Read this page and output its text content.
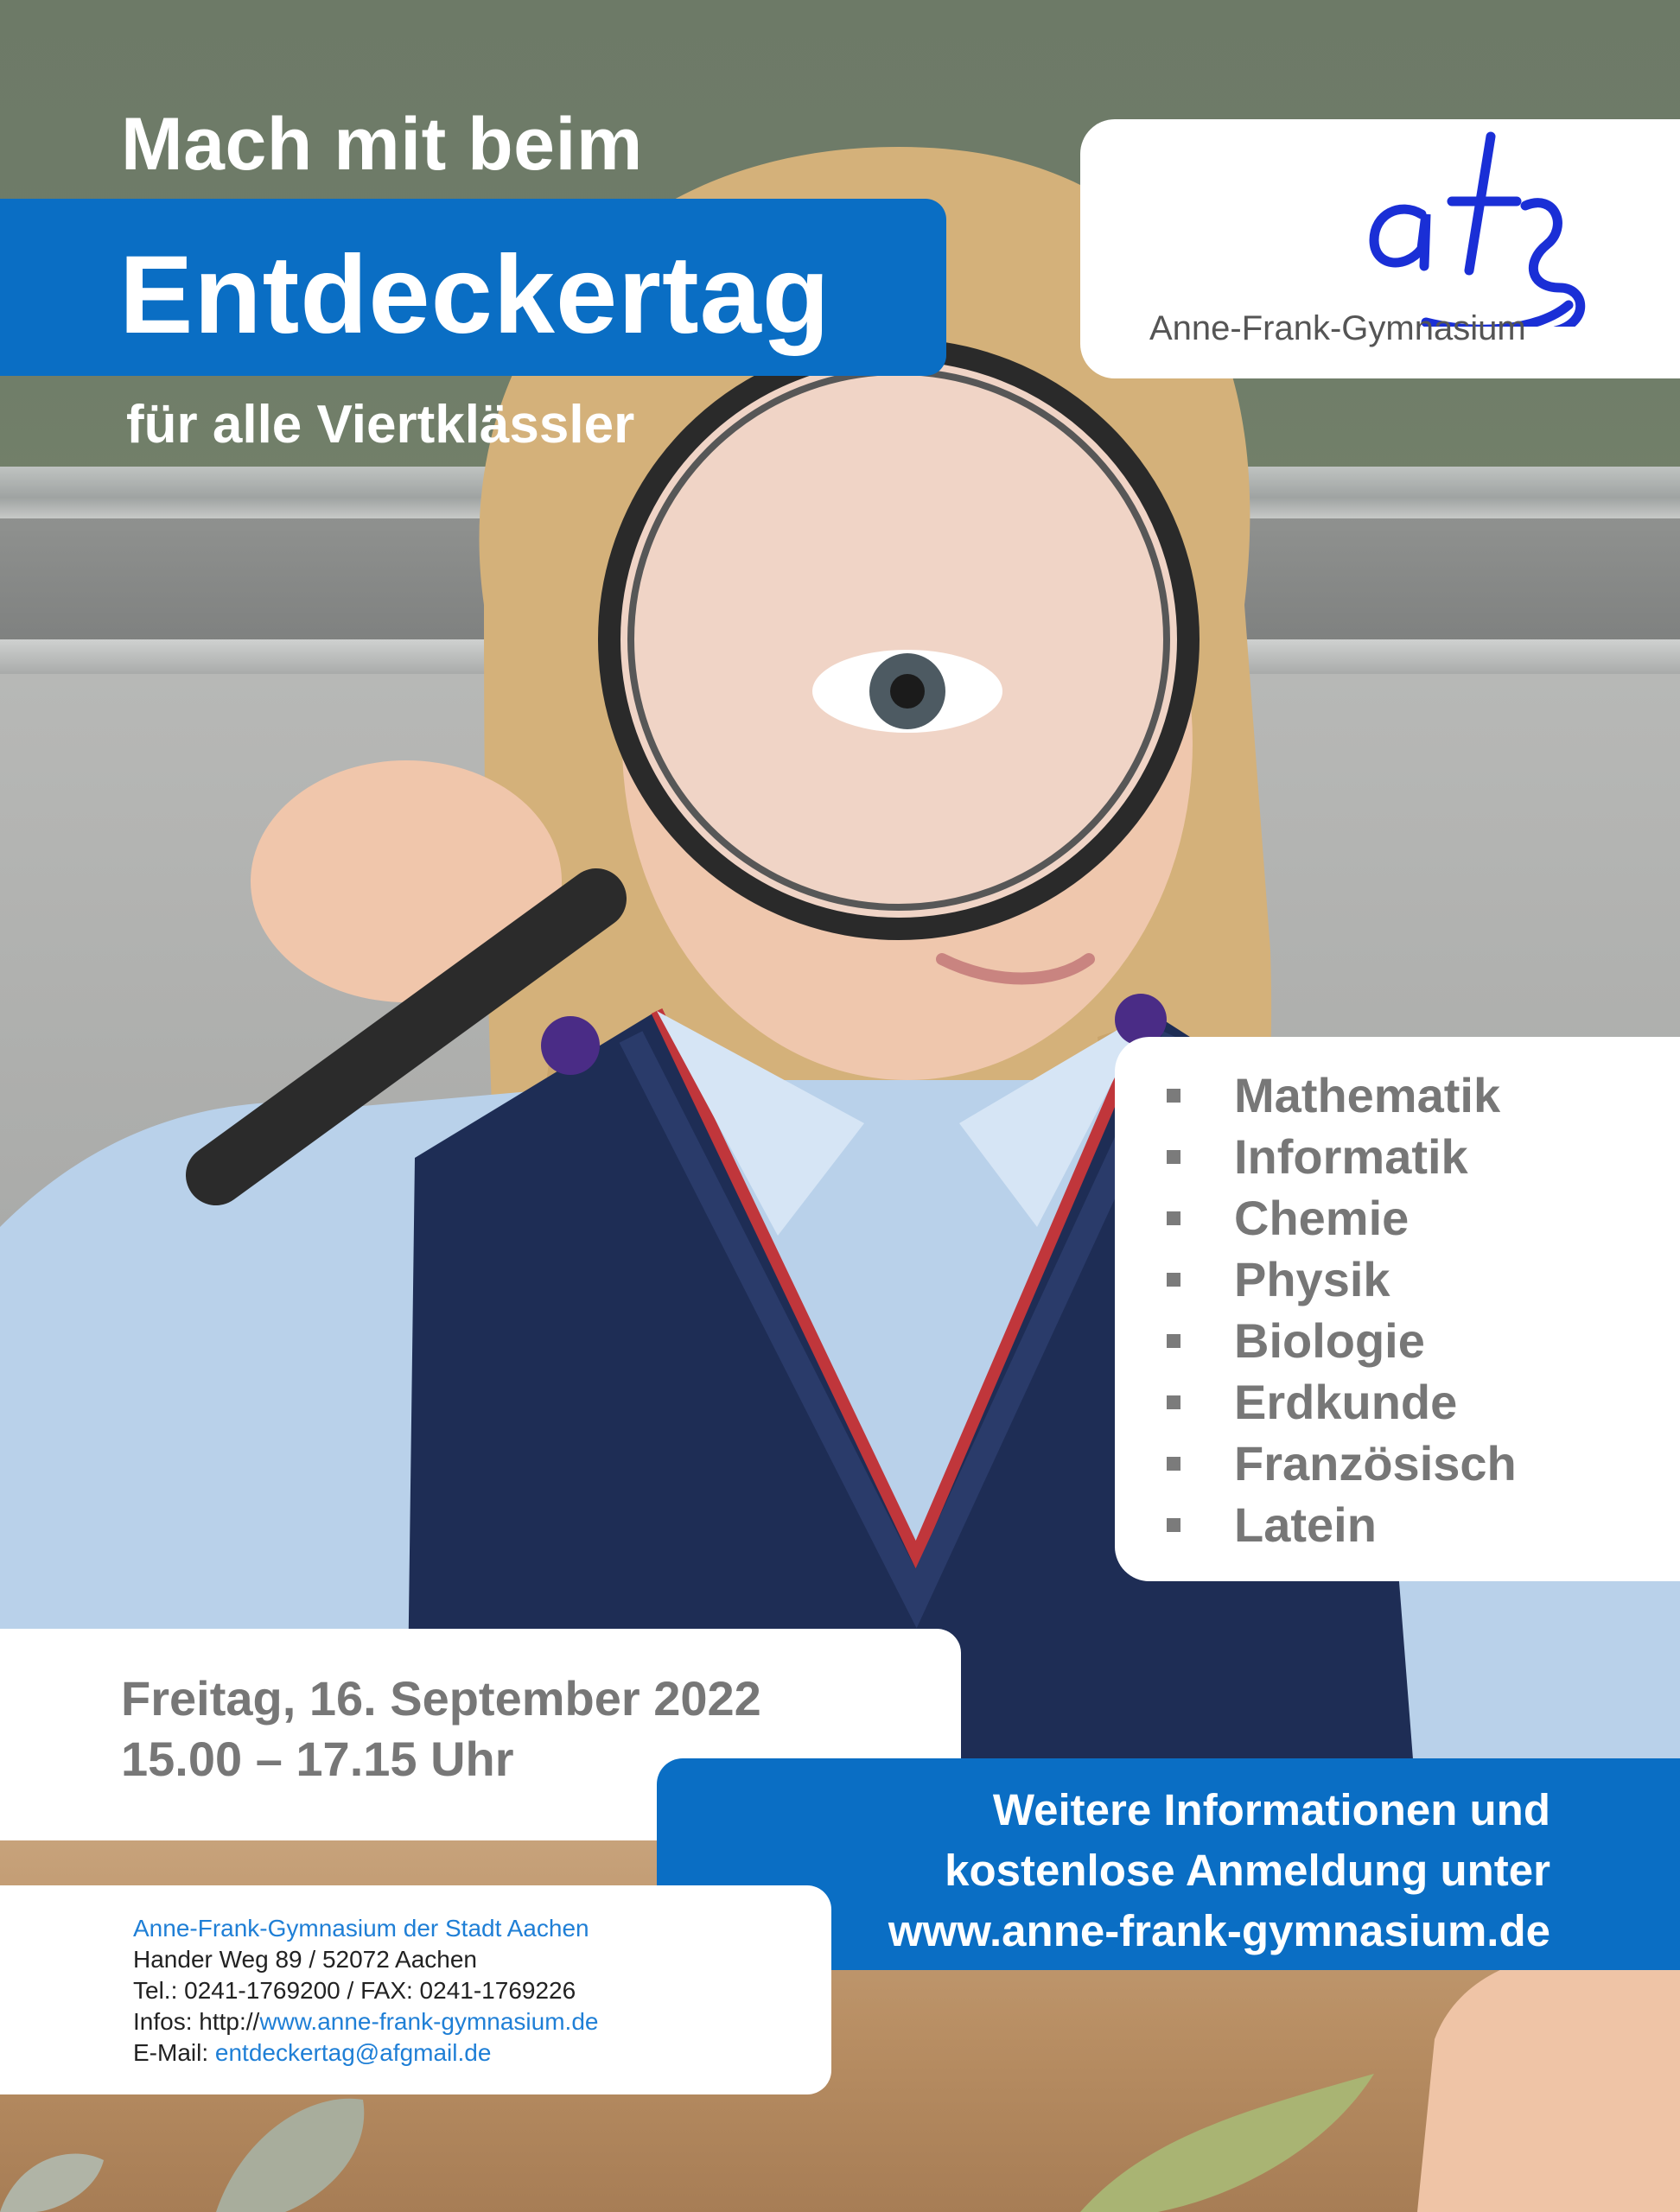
Mach mit beim
Entdeckertag
für alle Viertklässler
Anne-Frank-Gymnasium
Mathematik
Informatik
Chemie
Physik
Biologie
Erdkunde
Französisch
Latein
Freitag, 16. September 2022
15.00 – 17.15 Uhr
Weitere Informationen und
kostenlose Anmeldung unter
www.anne-frank-gymnasium.de
Anne-Frank-Gymnasium der Stadt Aachen
Hander Weg 89 / 52072 Aachen
Tel.: 0241-1769200 / FAX: 0241-1769226
Infos: http://www.anne-frank-gymnasium.de
E-Mail: entdeckertag@afgmail.de
